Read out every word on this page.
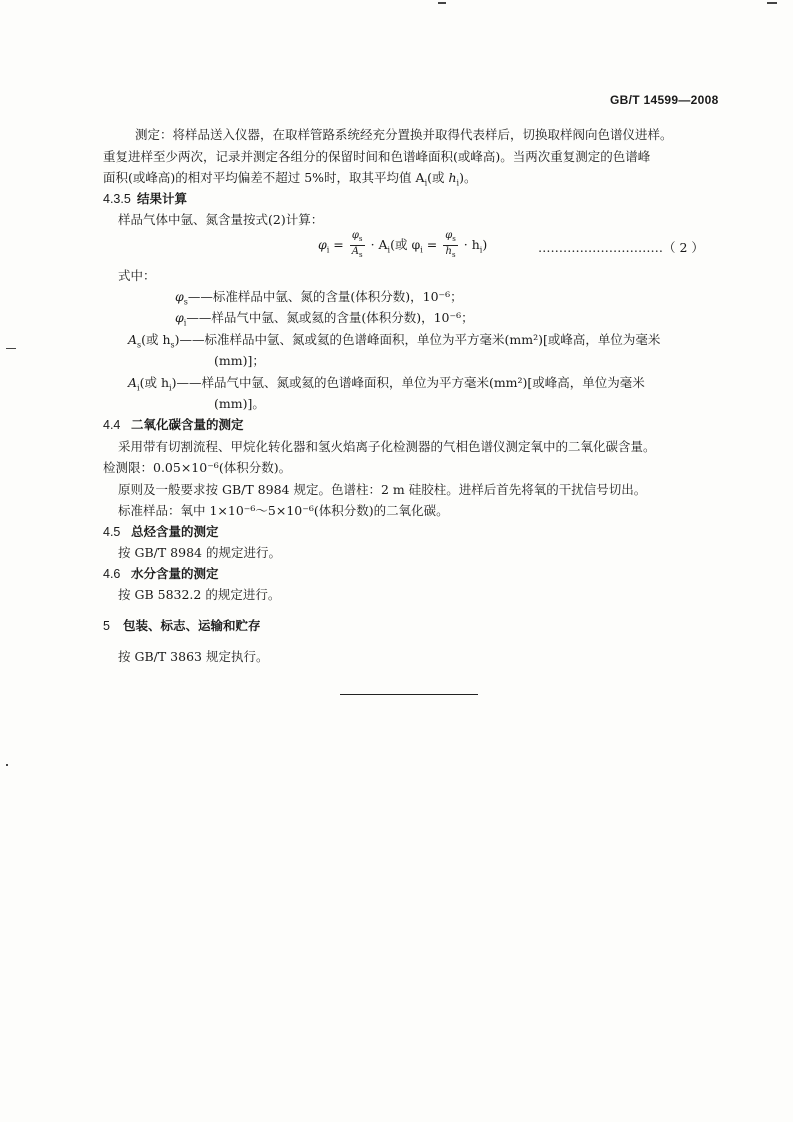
GB/T 14599—2008
测定：将样品送入仪器，在取样管路系统经充分置换并取得代表样后，切换取样阀向色谱仪进样。
重复进样至少两次，记录并测定各组分的保留时间和色谱峰面积(或峰高)。当两次重复测定的色谱峰
面积(或峰高)的相对平均偏差不超过 5%时，取其平均值 $A_i$(或 $h_i$)。
4.3.5 结果计算
样品气体中氩、氮含量按式(2)计算：
$\varphi_i = \frac{\varphi_s}{A_s} \cdot A_i$(或 $\varphi_i = \frac{\varphi_s}{h_s} \cdot h_i$)	…………………………（ 2 ）
式中：
$\varphi_s——$标准样品中氩、氮的含量(体积分数)，10⁻⁶；
$\varphi_i——$样品气中氩、氮或氦的含量(体积分数)，10⁻⁶；
$A_s$(或 $h_s)——$标准样品中氩、氮或氦的色谱峰面积，单位为平方毫米(mm²)[或峰高，单位为毫米
(mm)]；
$A_i$(或 $h_i)——$样品气中氩、氮或氦的色谱峰面积，单位为平方毫米(mm²)[或峰高，单位为毫米
(mm)]。
4.4 二氧化碳含量的测定
采用带有切割流程、甲烷化转化器和氢火焰离子化检测器的气相色谱仪测定氧中的二氧化碳含量。
检测限：0.05×10⁻⁶(体积分数)。
原则及一般要求按 GB/T 8984 规定。色谱柱：2 m 硅胶柱。进样后首先将氧的干扰信号切出。
标准样品：氧中 1×10⁻⁶～5×10⁻⁶(体积分数)的二氧化碳。
4.5 总烃含量的测定
按 GB/T 8984 的规定进行。
4.6 水分含量的测定
按 GB 5832.2 的规定进行。
5 包装、标志、运输和贮存
按 GB/T 3863 规定执行。
